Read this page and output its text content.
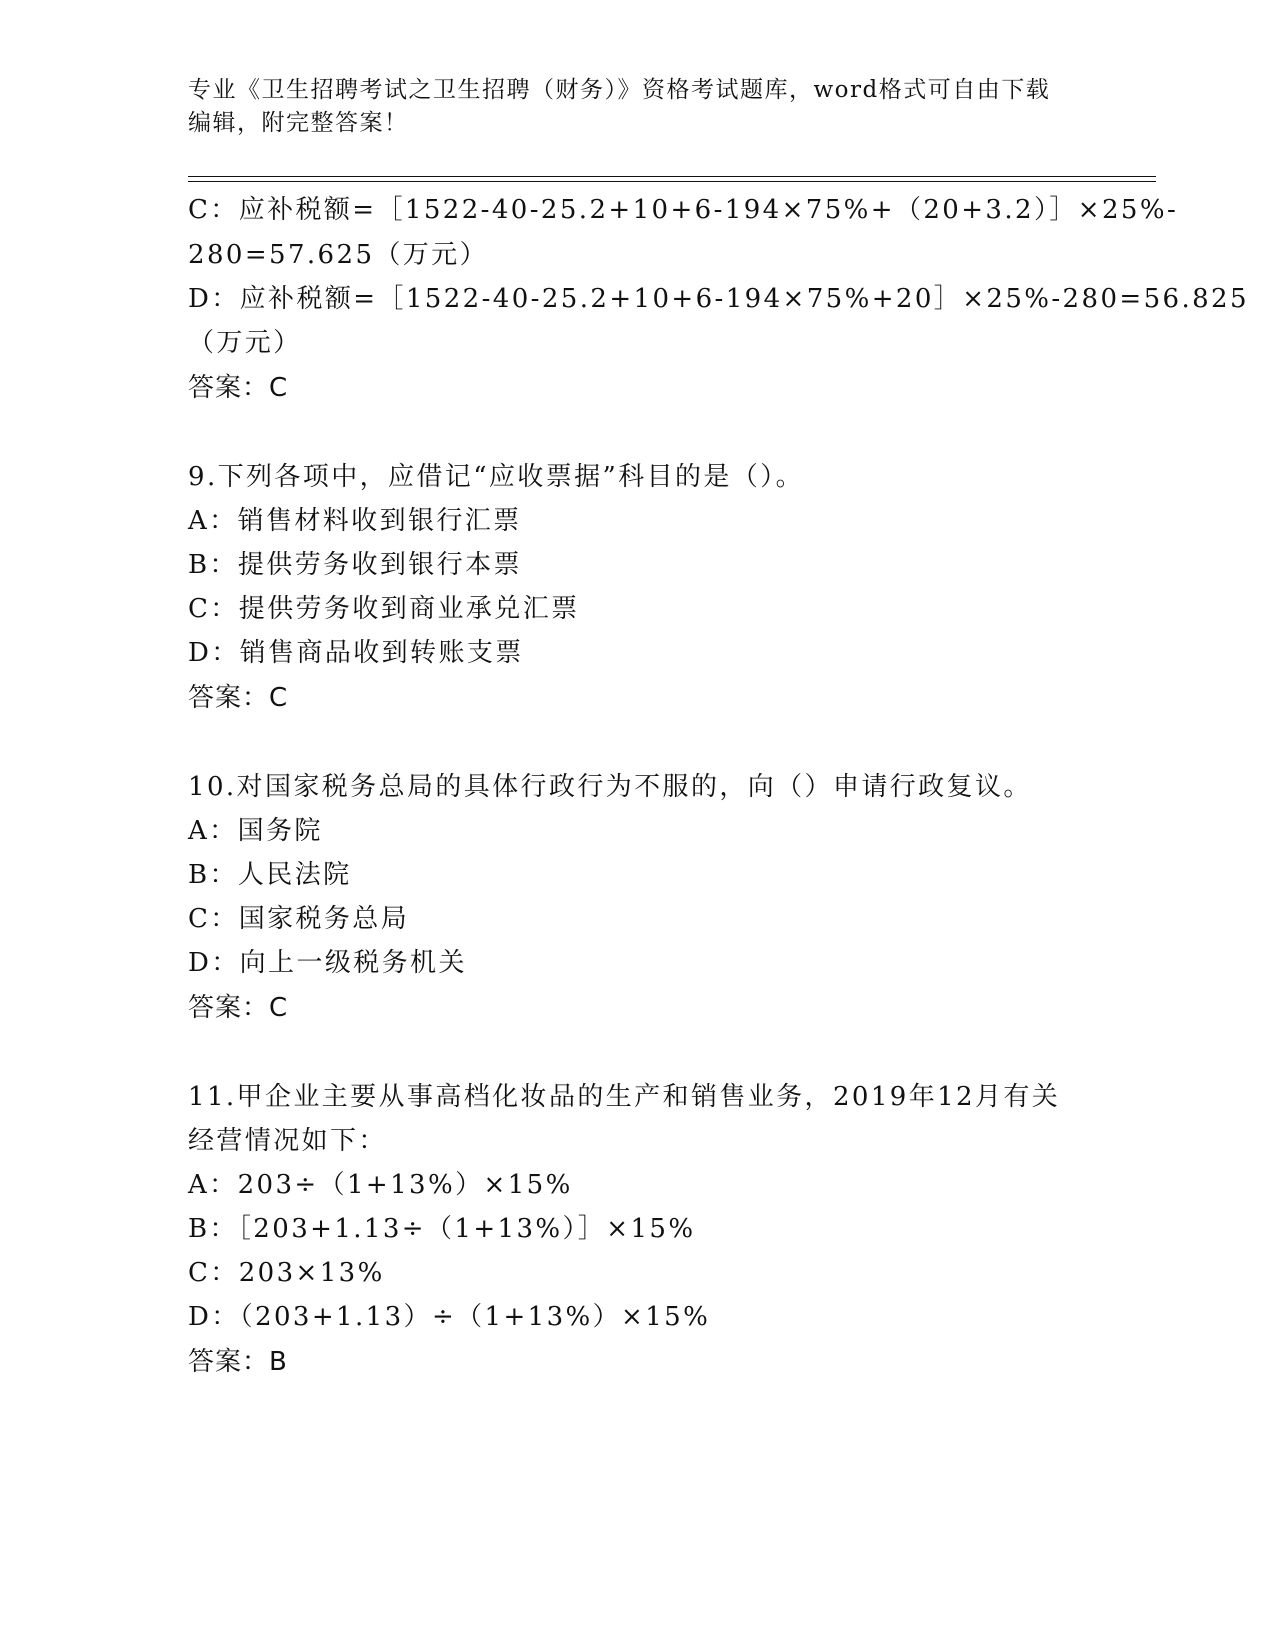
专业《卫生招聘考试之卫生招聘（财务）》资格考试题库，word格式可自由下载
编辑，附完整答案！
C：应补税额=［1522-40-25.2+10+6-194×75%+（20+3.2）］×25%-
280=57.625（万元）
D：应补税额=［1522-40-25.2+10+6-194×75%+20］×25%-280=56.825
（万元）
答案：C
9.下列各项中，应借记“应收票据”科目的是（）。
A：销售材料收到银行汇票
B：提供劳务收到银行本票
C：提供劳务收到商业承兑汇票
D：销售商品收到转账支票
答案：C
10.对国家税务总局的具体行政行为不服的，向（）申请行政复议。
A：国务院
B：人民法院
C：国家税务总局
D：向上一级税务机关
答案：C
11.甲企业主要从事高档化妆品的生产和销售业务，2019年12月有关
经营情况如下：
A：203÷（1+13%）×15%
B：［203+1.13÷（1+13%）］×15%
C：203×13%
D：（203+1.13）÷（1+13%）×15%
答案：B
